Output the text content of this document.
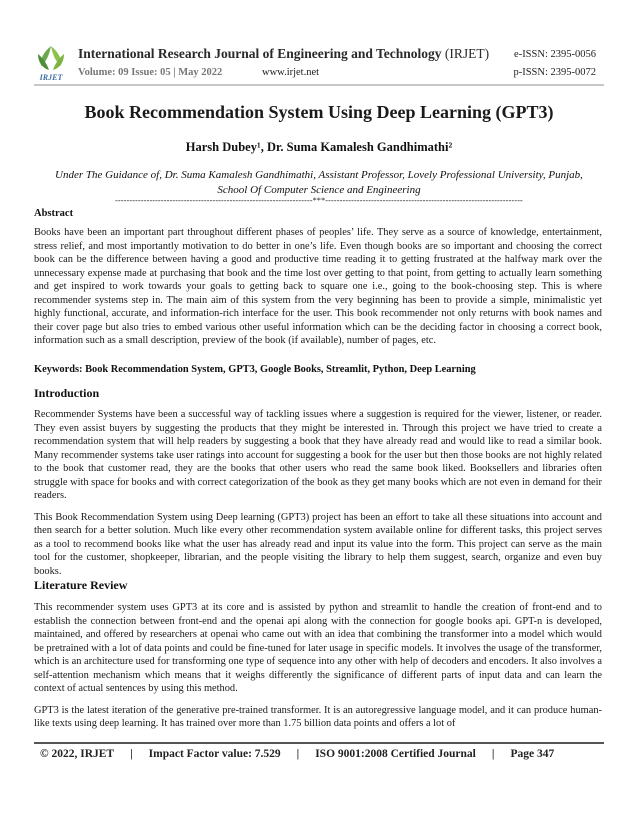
IRJET
International Research Journal of Engineering and Technology (IRJET) e-ISSN: 2395-0056
Volume: 09 Issue: 05 | May 2022	www.irjet.net	p-ISSN: 2395-0072
Book Recommendation System Using Deep Learning (GPT3)
Harsh Dubey¹, Dr. Suma Kamalesh Gandhimathi²
Under The Guidance of, Dr. Suma Kamalesh Gandhimathi, Assistant Professor, Lovely Professional University, Punjab,
School Of Computer Science and Engineering
---------------------------------------------------------------------***---------------------------------------------------------------------
Abstract

Books have been an important part throughout different phases of peoples’ life. They serve as a source of knowledge, entertainment, stress relief, and most importantly motivation to do better in one’s life. Even though books are so important and choosing the correct book can be the difference between having a good and productive time reading it to getting frustrated at the halfway mark over the unnecessary expense made at purchasing that book and the time lost over getting to that point, from getting to actually learn something and get inspired to work towards your goals to getting back to square one i.e., going to the book-choosing step. This is where recommender systems step in. The main aim of this system from the very beginning has been to provide a simple, minimalistic yet highly functional, accurate, and information-rich interface for the user. This book recommender not only returns with book names and their cover page but also tries to embed various other useful information which can be the deciding factor in choosing a correct book, information such as a small description, preview of the book (if available), number of pages, etc.

Keywords: Book Recommendation System, GPT3, Google Books, Streamlit, Python, Deep Learning
Introduction

Recommender Systems have been a successful way of tackling issues where a suggestion is required for the viewer, listener, or reader. They even assist buyers by suggesting the products that they might be interested in. Through this project we have tried to create a recommendation system that will help readers by suggesting a book that they have already read and would like to read a similar book. Many recommender systems take user ratings into account for suggesting a book for the user but then those books are not highly related to the book that customer read, they are the books that other users who read the same book liked. Booksellers and libraries often struggle with space for books and with correct categorization of the book as they get many books which are not even in demand for their readers.

This Book Recommendation System using Deep learning (GPT3) project has been an effort to take all these situations into account and then search for a better solution. Much like every other recommendation system available online for different tasks, this project serves as a tool to recommend books like what the user has already read and input its value into the form. This project can serve as the main tool for the customer, shopkeeper, librarian, and the people visiting the library to help them suggest, search, organize and even buy books.

Literature Review

This recommender system uses GPT3 at its core and is assisted by python and streamlit to handle the creation of front-end and to establish the connection between front-end and the openai api along with the connection for google books api. GPT-n is developed, maintained, and offered by researchers at openai who came out with an idea that combining the transformer into a model which would be pretrained with a lot of data points and could be fine-tuned for later usage in specific models. It involves the usage of the transformer, which is an architecture used for transforming one type of sequence into any other with help of decoders and encoders. It also involves a self-attention mechanism which means that it weighs differently the significance of different parts of input data and can learn the context of actual sentences by using this method.

GPT3 is the latest iteration of the generative pre-trained transformer. It is an autoregressive language model, and it can produce human-like texts using deep learning. It has trained over more than 1.75 billion data points and offers a lot of

© 2022, IRJET | Impact Factor value: 7.529 | ISO 9001:2008 Certified Journal | Page 347
